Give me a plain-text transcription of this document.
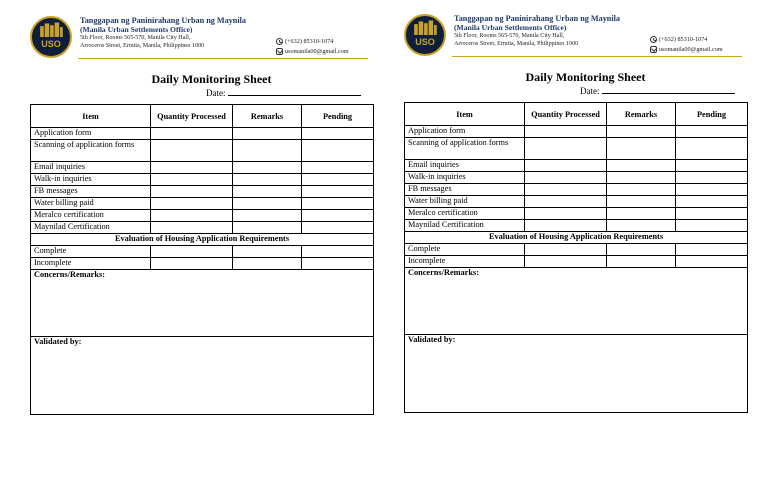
USO
Tanggapan ng Paninirahang Urban ng Maynila
(Manila Urban Settlements Office)
5th Floor, Rooms 565-570, Manila City Hall,
Arroceros Street, Ermita, Manila, Philippines 1000
(+632) 85310-1074
usomanila00@gmail.com
Daily Monitoring Sheet
Date:
Item	Quantity Processed	Remarks	Pending
Application form			
Scanning of application forms			
Email inquiries			
Walk-in inquiries			
FB messages			
Water billing paid			
Meralco certification			
Maynilad Certification			
Evaluation of Housing Application Requirements			
Complete			
Incomplete			
Concerns/Remarks:			
Validated by:			
USO
Tanggapan ng Paninirahang Urban ng Maynila
(Manila Urban Settlements Office)
5th Floor, Rooms 565-570, Manila City Hall,
Arroceros Street, Ermita, Manila, Philippines 1000
(+632) 85310-1074
usomanila00@gmail.com
Daily Monitoring Sheet
Date:
Item	Quantity Processed	Remarks	Pending
Application form			
Scanning of application forms			
Email inquiries			
Walk-in inquiries			
FB messages			
Water billing paid			
Meralco certification			
Maynilad Certification			
Evaluation of Housing Application Requirements			
Complete			
Incomplete			
Concerns/Remarks:			
Validated by:			
